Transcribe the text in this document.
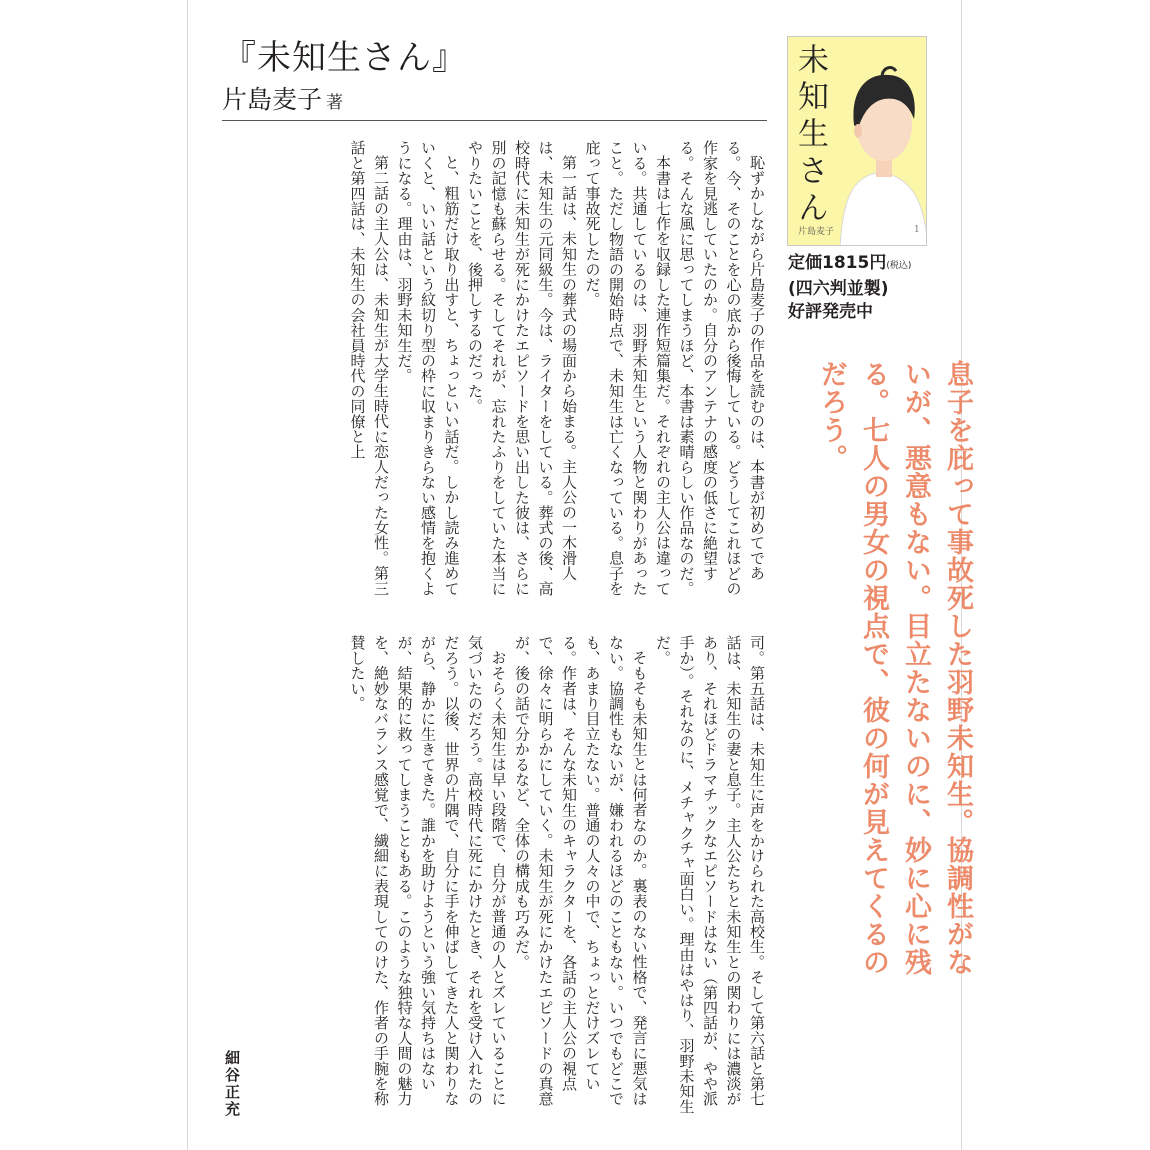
『未知生さん』
片島麦子 著	未知生さん
片島麦子	1
定価1815円(税込)
(四六判並製)
好評発売中
息子を庇って事故死した羽野未知生。協調性がないが、悪意もない。目立たないのに、妙に心に残る。七人の男女の視点で、彼の何が見えてくるのだろう。

恥ずかしながら片島麦子の作品を読むのは、本書が初めてである。今、そのことを心の底から後悔している。どうしてこれほどの作家を見逃していたのか。自分のアンテナの感度の低さに絶望する。そんな風に思ってしまうほど、本書は素晴らしい作品なのだ。

本書は七作を収録した連作短篇集だ。それぞれの主人公は違っている。共通しているのは、羽野未知生という人物と関わりがあったこと。ただし物語の開始時点で、未知生は亡くなっている。息子を庇って事故死したのだ。

第一話は、未知生の葬式の場面から始まる。主人公の一木滑人は、未知生の元同級生。今は、ライターをしている。葬式の後、高校時代に未知生が死にかけたエピソードを思い出した彼は、さらに別の記憶も蘇らせる。そしてそれが、忘れたふりをしていた本当にやりたいことを、後押しするのだった。

と、粗筋だけ取り出すと、ちょっといい話だ。しかし読み進めていくと、いい話という紋切り型の枠に収まりきらない感情を抱くようになる。理由は、羽野未知生だ。

第二話の主人公は、未知生が大学生時代に恋人だった女性。第三話と第四話は、未知生の会社員時代の同僚と上

司。第五話は、未知生に声をかけられた高校生。そして第六話と第七話は、未知生の妻と息子。主人公たちと未知生との関わりには濃淡があり、それほどドラマチックなエピソードはない（第四話が、やや派手か）。それなのに、メチャクチャ面白い。理由はやはり、羽野未知生だ。

そもそも未知生とは何者なのか。裏表のない性格で、発言に悪気はない。協調性もないが、嫌われるほどのこともない。いつでもどこでも、あまり目立たない。普通の人々の中で、ちょっとだけズレている。作者は、そんな未知生のキャラクターを、各話の主人公の視点で、徐々に明らかにしていく。未知生が死にかけたエピソードの真意が、後の話で分かるなど、全体の構成も巧みだ。

おそらく未知生は早い段階で、自分が普通の人とズレていることに気づいたのだろう。高校時代に死にかけたとき、それを受け入れたのだろう。以後、世界の片隅で、自分に手を伸ばしてきた人と関わりながら、静かに生きてきた。誰かを助けようという強い気持ちはないが、結果的に救ってしまうこともある。このような独特な人間の魅力を、絶妙なバランス感覚で、繊細に表現してのけた、作者の手腕を称賛したい。

細谷正充
